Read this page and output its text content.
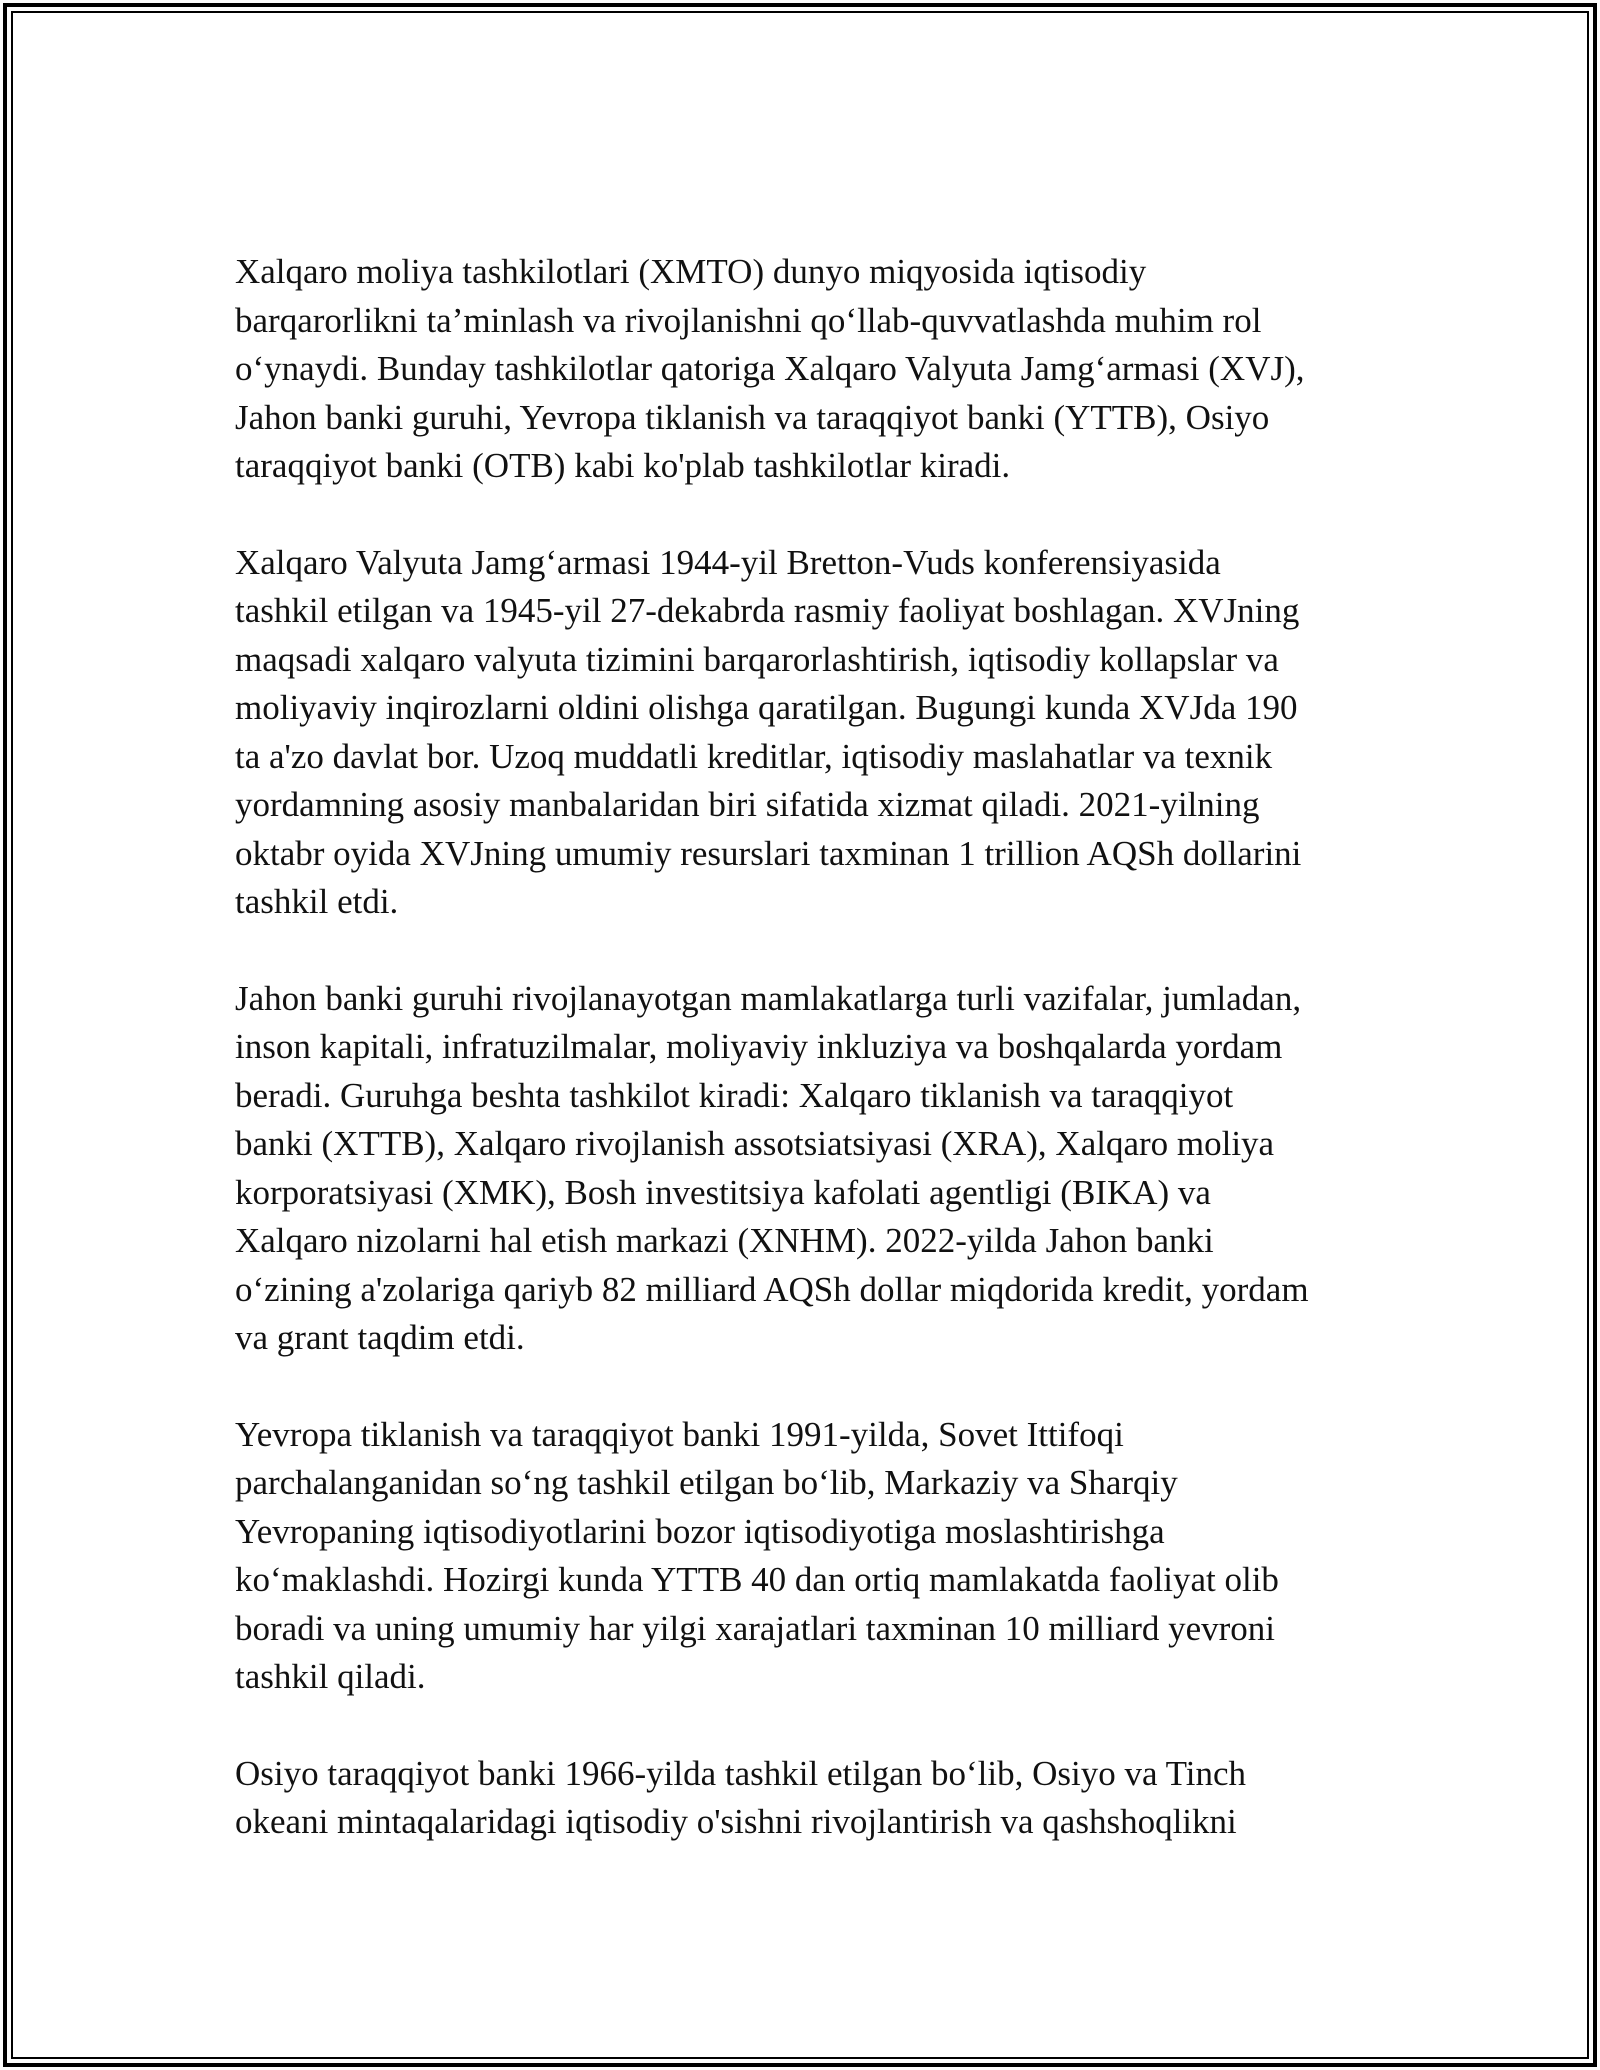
Xalqaro moliya tashkilotlari (XMTO) dunyo miqyosida iqtisodiy
barqarorlikni ta’minlash va rivojlanishni qo‘llab-quvvatlashda muhim rol
o‘ynaydi. Bunday tashkilotlar qatoriga Xalqaro Valyuta Jamg‘armasi (XVJ),
Jahon banki guruhi, Yevropa tiklanish va taraqqiyot banki (YTTB), Osiyo
taraqqiyot banki (OTB) kabi ko'plab tashkilotlar kiradi.

Xalqaro Valyuta Jamg‘armasi 1944-yil Bretton-Vuds konferensiyasida
tashkil etilgan va 1945-yil 27-dekabrda rasmiy faoliyat boshlagan. XVJning
maqsadi xalqaro valyuta tizimini barqarorlashtirish, iqtisodiy kollapslar va
moliyaviy inqirozlarni oldini olishga qaratilgan. Bugungi kunda XVJda 190
ta a'zo davlat bor. Uzoq muddatli kreditlar, iqtisodiy maslahatlar va texnik
yordamning asosiy manbalaridan biri sifatida xizmat qiladi. 2021-yilning
oktabr oyida XVJning umumiy resurslari taxminan 1 trillion AQSh dollarini
tashkil etdi.

Jahon banki guruhi rivojlanayotgan mamlakatlarga turli vazifalar, jumladan,
inson kapitali, infratuzilmalar, moliyaviy inkluziya va boshqalarda yordam
beradi. Guruhga beshta tashkilot kiradi: Xalqaro tiklanish va taraqqiyot
banki (XTTB), Xalqaro rivojlanish assotsiatsiyasi (XRA), Xalqaro moliya
korporatsiyasi (XMK), Bosh investitsiya kafolati agentligi (BIKA) va
Xalqaro nizolarni hal etish markazi (XNHM). 2022-yilda Jahon banki
o‘zining a'zolariga qariyb 82 milliard AQSh dollar miqdorida kredit, yordam
va grant taqdim etdi.

Yevropa tiklanish va taraqqiyot banki 1991-yilda, Sovet Ittifoqi
parchalanganidan so‘ng tashkil etilgan bo‘lib, Markaziy va Sharqiy
Yevropaning iqtisodiyotlarini bozor iqtisodiyotiga moslashtirishga
ko‘maklashdi. Hozirgi kunda YTTB 40 dan ortiq mamlakatda faoliyat olib
boradi va uning umumiy har yilgi xarajatlari taxminan 10 milliard yevroni
tashkil qiladi.

Osiyo taraqqiyot banki 1966-yilda tashkil etilgan bo‘lib, Osiyo va Tinch
okeani mintaqalaridagi iqtisodiy o'sishni rivojlantirish va qashshoqlikni
